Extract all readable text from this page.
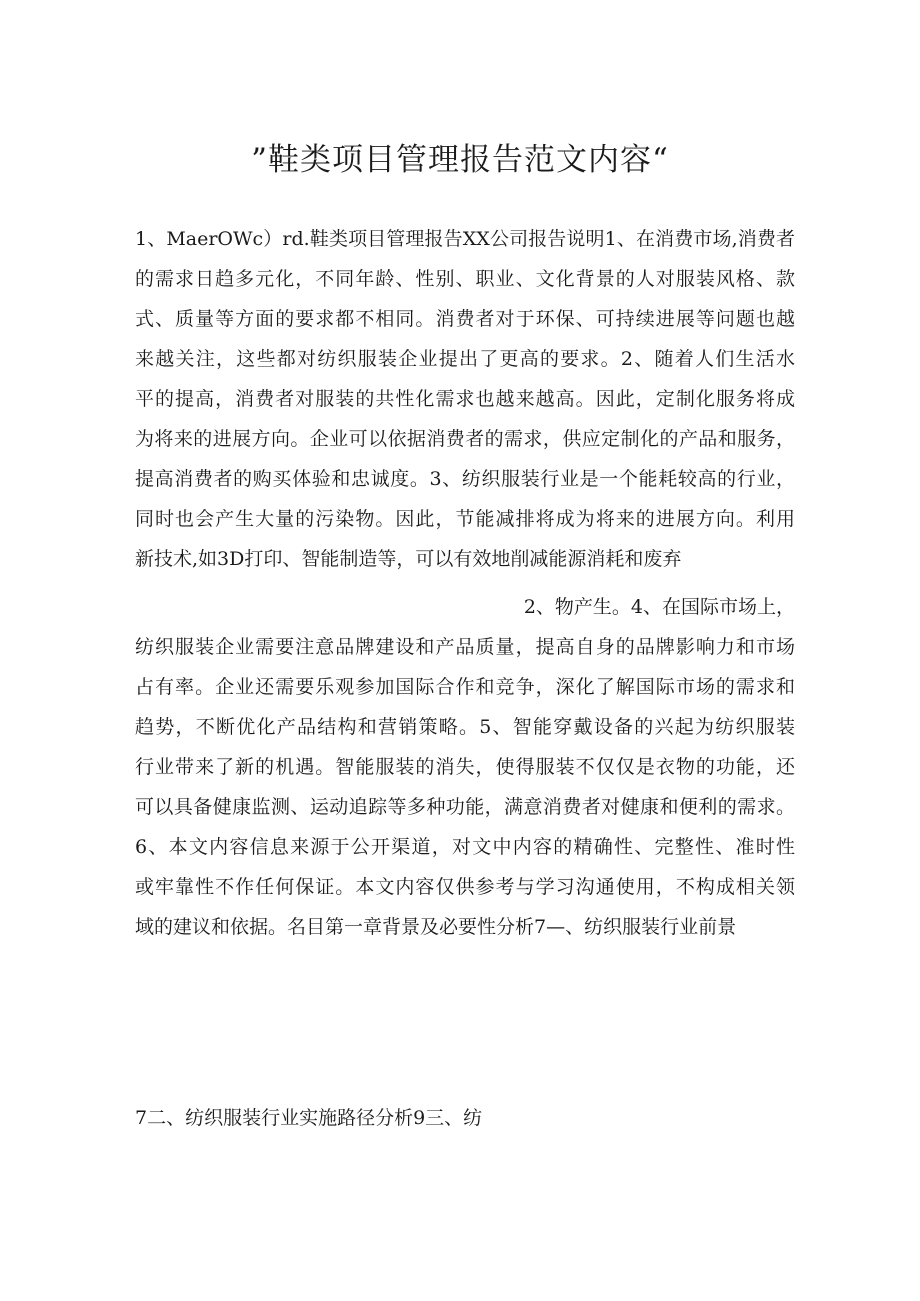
”鞋类项目管理报告范文内容“
1、MaerOWc）rd.鞋类项目管理报告XX公司报告说明1、在消费市场,消费者
的需求日趋多元化，不同年龄、性别、职业、文化背景的人对服装风格、款
式、质量等方面的要求都不相同。消费者对于环保、可持续进展等问题也越
来越关注，这些都对纺织服装企业提出了更高的要求。2、随着人们生活水
平的提高，消费者对服装的共性化需求也越来越高。因此，定制化服务将成
为将来的进展方向。企业可以依据消费者的需求，供应定制化的产品和服务，
提高消费者的购买体验和忠诚度。3、纺织服装行业是一个能耗较高的行业，
同时也会产生大量的污染物。因此，节能减排将成为将来的进展方向。利用
新技术,如3D打印、智能制造等，可以有效地削减能源消耗和废弃
2、物产生。4、在国际市场上，
纺织服装企业需要注意品牌建设和产品质量，提高自身的品牌影响力和市场
占有率。企业还需要乐观参加国际合作和竞争，深化了解国际市场的需求和
趋势，不断优化产品结构和营销策略。5、智能穿戴设备的兴起为纺织服装
行业带来了新的机遇。智能服装的消失，使得服装不仅仅是衣物的功能，还
可以具备健康监测、运动追踪等多种功能，满意消费者对健康和便利的需求。
6、本文内容信息来源于公开渠道，对文中内容的精确性、完整性、准时性
或牢靠性不作任何保证。本文内容仅供参考与学习沟通使用，不构成相关领
域的建议和依据。名目第一章背景及必要性分析7—、纺织服装行业前景
7二、纺织服装行业实施路径分析9三、纺
